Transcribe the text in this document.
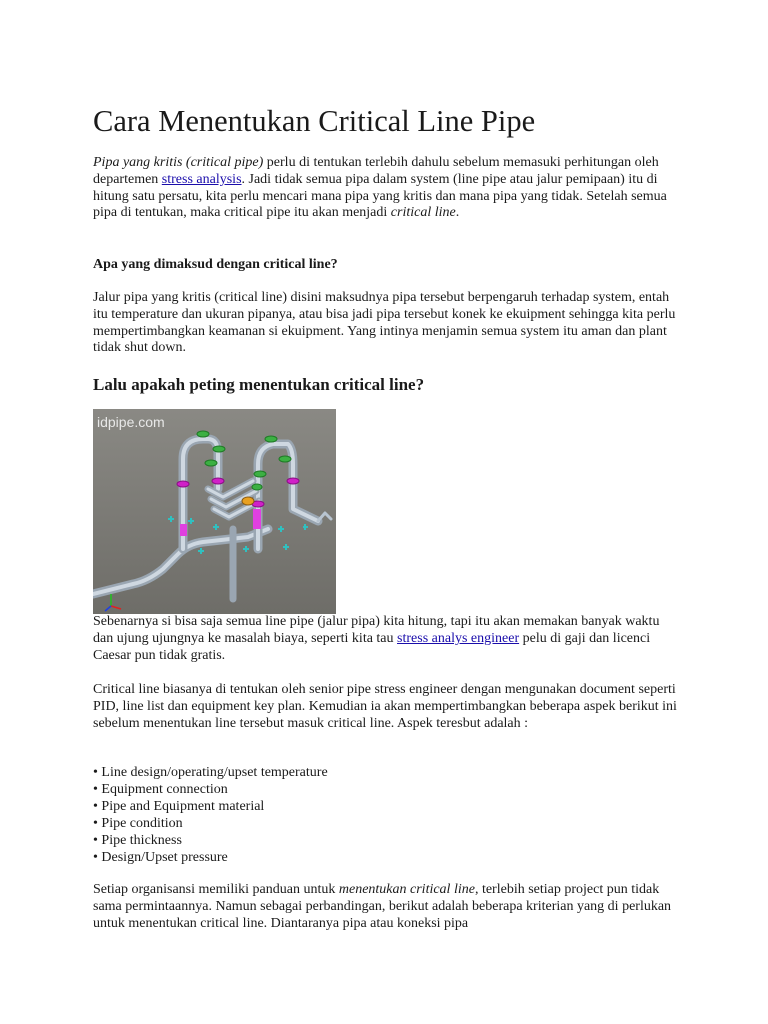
Cara Menentukan Critical Line Pipe

Pipa yang kritis (critical pipe) perlu di tentukan terlebih dahulu sebelum memasuki perhitungan oleh departemen stress analysis. Jadi tidak semua pipa dalam system (line pipe atau jalur pemipaan) itu di hitung satu persatu, kita perlu mencari mana pipa yang kritis dan mana pipa yang tidak. Setelah semua pipa di tentukan, maka critical pipe itu akan menjadi critical line.

Apa yang dimaksud dengan critical line?

Jalur pipa yang kritis (critical line) disini maksudnya pipa tersebut berpengaruh terhadap system, entah itu temperature dan ukuran pipanya, atau bisa jadi pipa tersebut konek ke ekuipment sehingga kita perlu mempertimbangkan keamanan si ekuipment. Yang intinya menjamin semua system itu aman dan plant tidak shut down.

Lalu apakah peting menentukan critical line?
idpipe.com

Sebenarnya si bisa saja semua line pipe (jalur pipa) kita hitung, tapi itu akan memakan banyak waktu dan ujung ujungnya ke masalah biaya, seperti kita tau stress analys engineer pelu di gaji dan licenci Caesar pun tidak gratis.

Critical line biasanya di tentukan oleh senior pipe stress engineer dengan mengunakan document seperti PID, line list dan equipment key plan. Kemudian ia akan mempertimbangkan beberapa aspek berikut ini sebelum menentukan line tersebut masuk critical line. Aspek teresbut adalah :

• Line design/operating/upset temperature
• Equipment connection
• Pipe and Equipment material
• Pipe condition
• Pipe thickness
• Design/Upset pressure

Setiap organisansi memiliki panduan untuk menentukan critical line, terlebih setiap project pun tidak sama permintaannya. Namun sebagai perbandingan, berikut adalah beberapa kriterian yang di perlukan untuk menentukan critical line. Diantaranya pipa atau koneksi pipa
